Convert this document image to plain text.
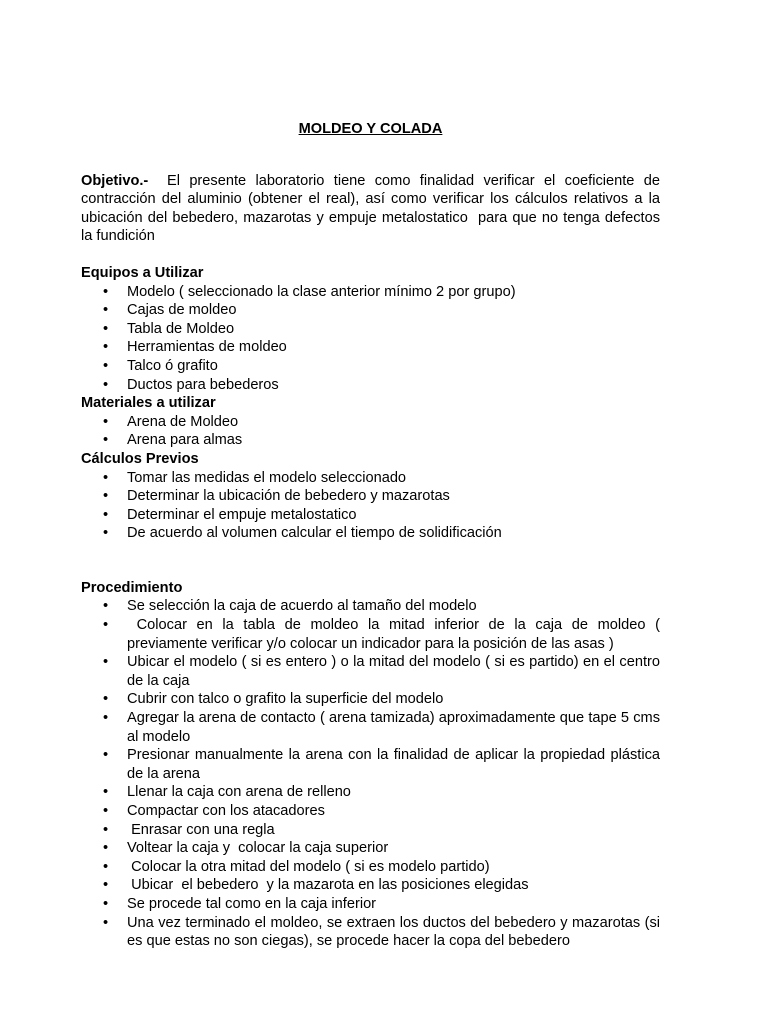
MOLDEO Y COLADA

Objetivo.-  El presente laboratorio tiene como finalidad verificar el coeficiente de contracción del aluminio (obtener el real), así como verificar los cálculos relativos a la ubicación del bebedero, mazarotas y empuje metalostatico  para que no tenga defectos la fundición

Equipos a Utilizar

• Modelo ( seleccionado la clase anterior mínimo 2 por grupo)
• Cajas de moldeo
• Tabla de Moldeo
• Herramientas de moldeo
• Talco ó grafito
• Ductos para bebederos

Materiales a utilizar

• Arena de Moldeo
• Arena para almas

Cálculos Previos

• Tomar las medidas el modelo seleccionado
• Determinar la ubicación de bebedero y mazarotas
• Determinar el empuje metalostatico
• De acuerdo al volumen calcular el tiempo de solidificación

Procedimiento

• Se selección la caja de acuerdo al tamaño del modelo
• Colocar en la tabla de moldeo la mitad inferior de la caja de moldeo ( previamente verificar y/o colocar un indicador para la posición de las asas )
• Ubicar el modelo ( si es entero ) o la mitad del modelo ( si es partido) en el centro de la caja
• Cubrir con talco o grafito la superficie del modelo
• Agregar la arena de contacto ( arena tamizada) aproximadamente que tape 5 cms al modelo
• Presionar manualmente la arena con la finalidad de aplicar la propiedad plástica de la arena
• Llenar la caja con arena de relleno
• Compactar con los atacadores
• Enrasar con una regla
• Voltear la caja y  colocar la caja superior
• Colocar la otra mitad del modelo ( si es modelo partido)
• Ubicar  el bebedero  y la mazarota en las posiciones elegidas
• Se procede tal como en la caja inferior
• Una vez terminado el moldeo, se extraen los ductos del bebedero y mazarotas (si es que estas no son ciegas), se procede hacer la copa del bebedero
